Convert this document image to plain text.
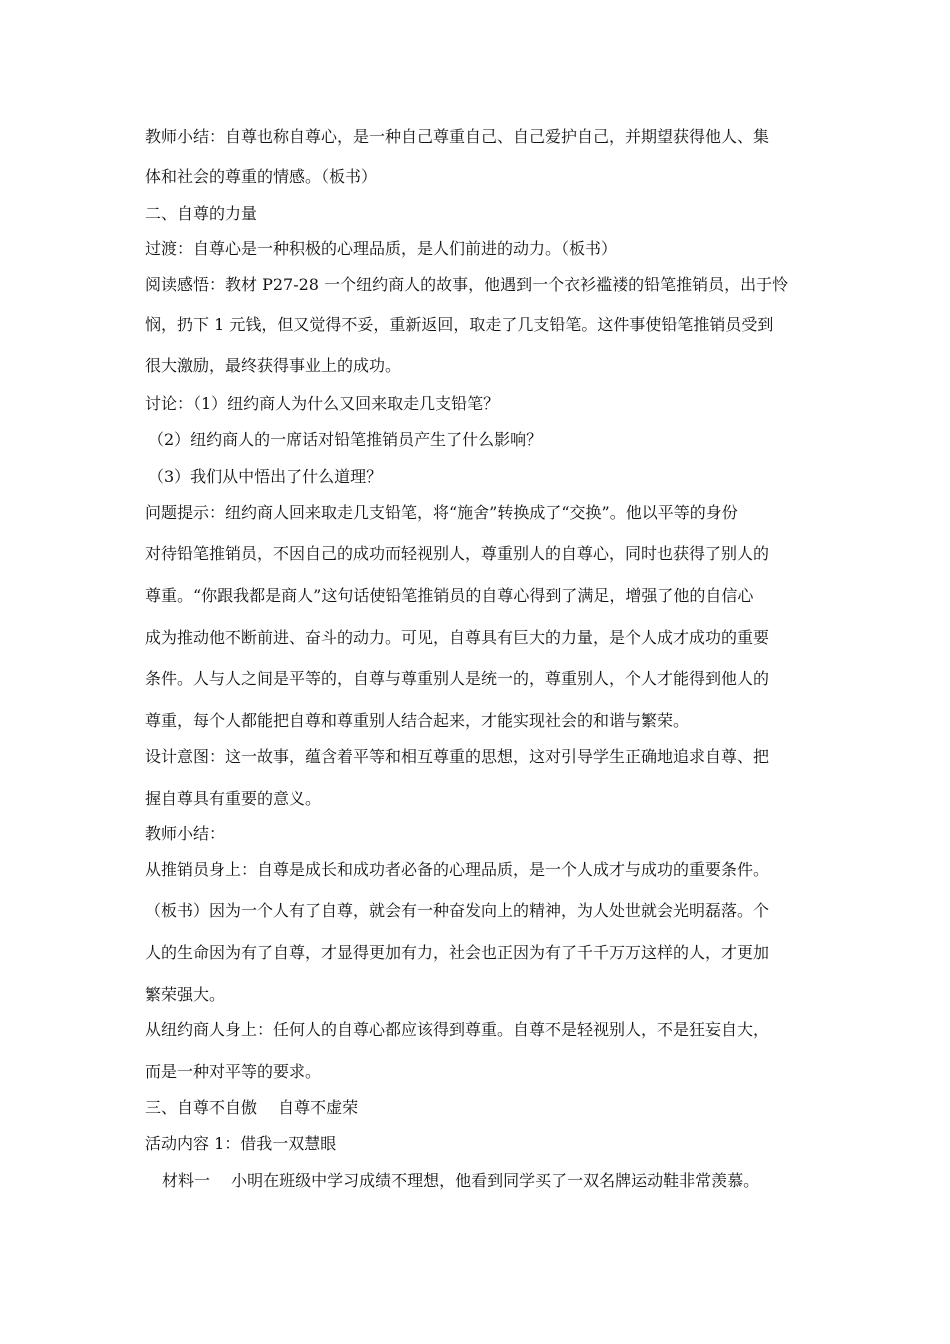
教师小结：自尊也称自尊心，是一种自己尊重自己、自己爱护自己，并期望获得他人、集

体和社会的尊重的情感。（板书）

二、自尊的力量

过渡：自尊心是一种积极的心理品质，是人们前进的动力。（板书）

阅读感悟：教材 P27-28 一个纽约商人的故事，他遇到一个衣衫褴褛的铅笔推销员，出于怜

悯，扔下 1 元钱，但又觉得不妥，重新返回，取走了几支铅笔。这件事使铅笔推销员受到

很大激励，最终获得事业上的成功。

讨论：（1）纽约商人为什么又回来取走几支铅笔？

（2）纽约商人的一席话对铅笔推销员产生了什么影响？

（3）我们从中悟出了什么道理？

问题提示：纽约商人回来取走几支铅笔，将“施舍”转换成了“交换”。他以平等的身份

对待铅笔推销员，不因自己的成功而轻视别人，尊重别人的自尊心，同时也获得了别人的

尊重。“你跟我都是商人”这句话使铅笔推销员的自尊心得到了满足，增强了他的自信心

成为推动他不断前进、奋斗的动力。可见，自尊具有巨大的力量，是个人成才成功的重要

条件。人与人之间是平等的，自尊与尊重别人是统一的，尊重别人，个人才能得到他人的

尊重，每个人都能把自尊和尊重别人结合起来，才能实现社会的和谐与繁荣。

设计意图：这一故事，蕴含着平等和相互尊重的思想，这对引导学生正确地追求自尊、把

握自尊具有重要的意义。

教师小结：

从推销员身上：自尊是成长和成功者必备的心理品质，是一个人成才与成功的重要条件。

（板书）因为一个人有了自尊，就会有一种奋发向上的精神，为人处世就会光明磊落。个

人的生命因为有了自尊，才显得更加有力，社会也正因为有了千千万万这样的人，才更加

繁荣强大。

从纽约商人身上：任何人的自尊心都应该得到尊重。自尊不是轻视别人，不是狂妄自大，

而是一种对平等的要求。

三、自尊不自傲　 自尊不虚荣

活动内容 1：借我一双慧眼

材料一　 小明在班级中学习成绩不理想，他看到同学买了一双名牌运动鞋非常羡慕。
